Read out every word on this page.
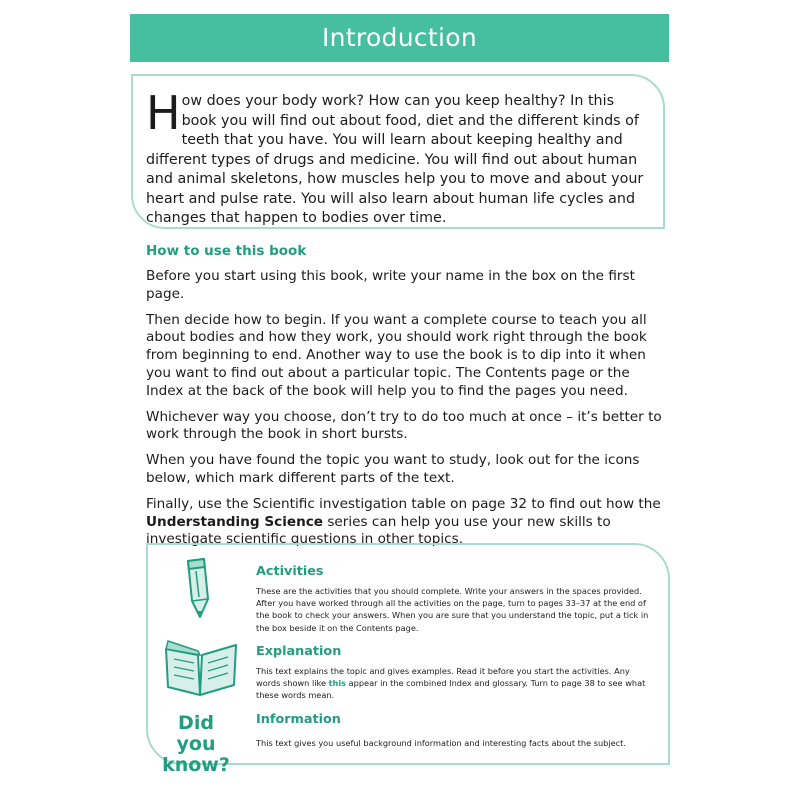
Introduction

How does your body work? How can you keep healthy? In this book you will find out about food, diet and the different kinds of teeth that you have. You will learn about keeping healthy and different types of drugs and medicine. You will find out about human and animal skeletons, how muscles help you to move and about your heart and pulse rate. You will also learn about human life cycles and changes that happen to bodies over time.

How to use this book

Before you start using this book, write your name in the box on the first page.

Then decide how to begin. If you want a complete course to teach you all about bodies and how they work, you should work right through the book from beginning to end. Another way to use the book is to dip into it when you want to find out about a particular topic. The Contents page or the Index at the back of the book will help you to find the pages you need.

Whichever way you choose, don’t try to do too much at once – it’s better to work through the book in short bursts.

When you have found the topic you want to study, look out for the icons below, which mark different parts of the text.

Finally, use the Scientific investigation table on page 32 to find out how the Understanding Science series can help you use your new skills to investigate scientific questions in other topics.

Did you
know?

Activities

These are the activities that you should complete. Write your answers in the spaces provided. After you have worked through all the activities on the page, turn to pages 33–37 at the end of the book to check your answers. When you are sure that you understand the topic, put a tick in the box beside it on the Contents page.

Explanation

This text explains the topic and gives examples. Read it before you start the activities. Any words shown like this appear in the combined Index and glossary. Turn to page 38 to see what these words mean.

Information

This text gives you useful background information and interesting facts about the subject.
